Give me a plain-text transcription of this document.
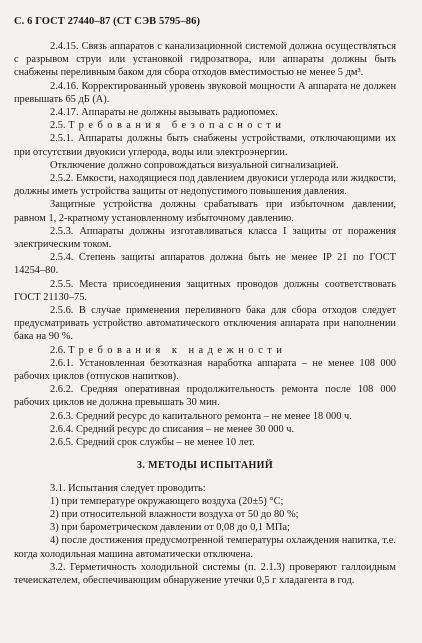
С. 6 ГОСТ 27440–87 (СТ СЭВ 5795–86)

2.4.15. Связь аппаратов с канализационной системой должна осуществляться с разрывом струи или установкой гидрозатвора, или аппараты должны быть снабжены переливным баком для сбора отходов вместимостью не менее 5 дм³.

2.4.16. Корректированный уровень звуковой мощности А аппарата не должен превышать 65 дБ (А).

2.4.17. Аппараты не должны вызывать радиопомех.

2.5. Требования безопасности

2.5.1. Аппараты должны быть снабжены устройствами, отключающими их при отсутствии двуокиси углерода, воды или электроэнергии.

Отключение должно сопровождаться визуальной сигнализацией.

2.5.2. Емкости, находящиеся под давлением двуокиси углерода или жидкости, должны иметь устройства защиты от недопустимого повышения давления.

Защитные устройства должны срабатывать при избыточном давлении, равном 1, 2-кратному установленному избыточному давлению.

2.5.3. Аппараты должны изготавливаться класса I защиты от поражения электрическим током.

2.5.4. Степень защиты аппаратов должна быть не менее IP 21 по ГОСТ 14254–80.

2.5.5. Места присоединения защитных проводов должны соответствовать ГОСТ 21130–75.

2.5.6. В случае применения переливного бака для сбора отходов следует предусматривать устройство автоматического отключения аппарата при наполнении бака на 90 %.

2.6. Требования к надежности

2.6.1. Установленная безотказная наработка аппарата – не менее 108 000 рабочих циклов (отпусков напитков).

2.6.2. Средняя оперативная продолжительность ремонта после 108 000 рабочих циклов не должна превышать 30 мин.

2.6.3. Средний ресурс до капитального ремонта – не менее 18 000 ч.

2.6.4. Средний ресурс до списания – не менее 30 000 ч.

2.6.5. Средний срок службы – не менее 10 лет.

3. МЕТОДЫ ИСПЫТАНИЙ

3.1. Испытания следует проводить:

1) при температуре окружающего воздуха (20±5) °С;

2) при относительной влажности воздуха от 50 до 80 %;

3) при барометрическом давлении от 0,08 до 0,1 МПа;

4) после достижения предусмотренной температуры охлаждения напитка, т.е. когда холодильная машина автоматически отключена.

3.2. Герметичность холодильной системы (п. 2.1.3) проверяют галлоидным течеискателем, обеспечивающим обнаружение утечки 0,5 г хладагента в год.
